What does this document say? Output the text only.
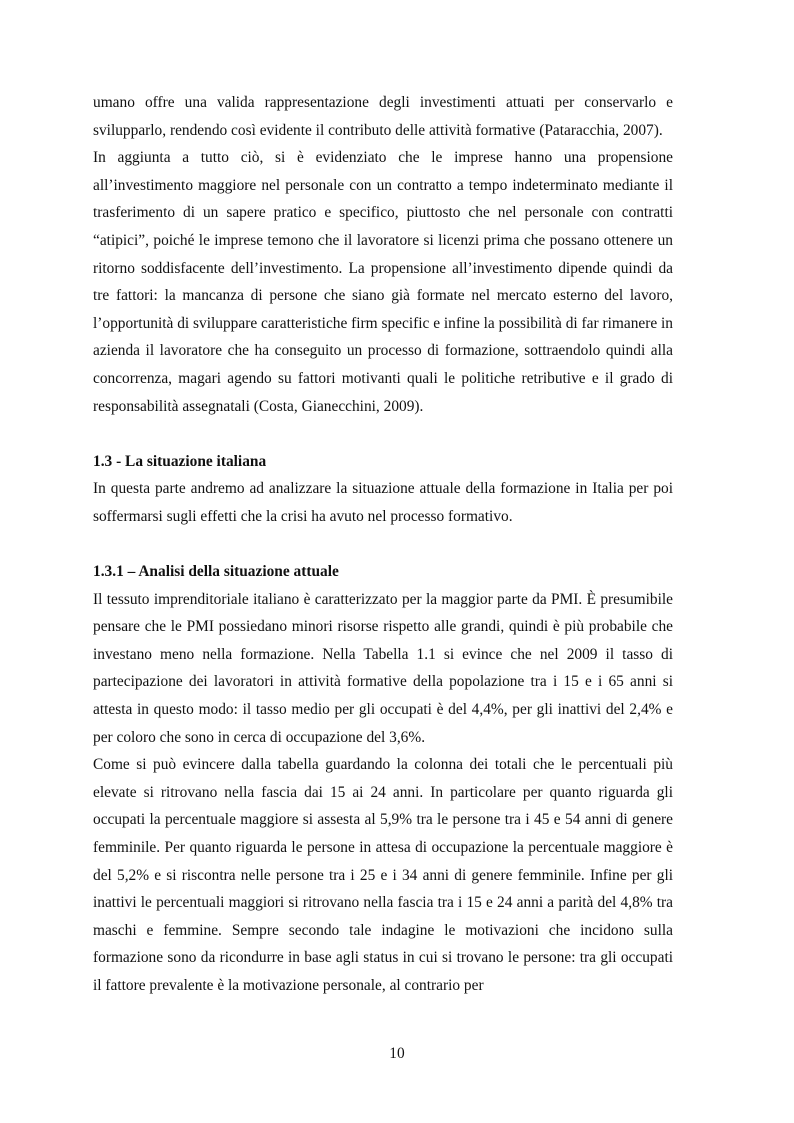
umano offre una valida rappresentazione degli investimenti attuati per conservarlo e svilupparlo, rendendo così evidente il contributo delle attività formative (Pataracchia, 2007).

In aggiunta a tutto ciò, si è evidenziato che le imprese hanno una propensione all’investimento maggiore nel personale con un contratto a tempo indeterminato mediante il trasferimento di un sapere pratico e specifico, piuttosto che nel personale con contratti “atipici”, poiché le imprese temono che il lavoratore si licenzi prima che possano ottenere un ritorno soddisfacente dell’investimento. La propensione all’investimento dipende quindi da tre fattori: la mancanza di persone che siano già formate nel mercato esterno del lavoro, l’opportunità di sviluppare caratteristiche firm specific e infine la possibilità di far rimanere in azienda il lavoratore che ha conseguito un processo di formazione, sottraendolo quindi alla concorrenza, magari agendo su fattori motivanti quali le politiche retributive e il grado di responsabilità assegnatali (Costa, Gianecchini, 2009).

1.3 - La situazione italiana

In questa parte andremo ad analizzare la situazione attuale della formazione in Italia per poi soffermarsi sugli effetti che la crisi ha avuto nel processo formativo.

1.3.1 – Analisi della situazione attuale

Il tessuto imprenditoriale italiano è caratterizzato per la maggior parte da PMI. È presumibile pensare che le PMI possiedano minori risorse rispetto alle grandi, quindi è più probabile che investano meno nella formazione. Nella Tabella 1.1 si evince che nel 2009 il tasso di partecipazione dei lavoratori in attività formative della popolazione tra i 15 e i 65 anni si attesta in questo modo: il tasso medio per gli occupati è del 4,4%, per gli inattivi del 2,4% e per coloro che sono in cerca di occupazione del 3,6%.

Come si può evincere dalla tabella guardando la colonna dei totali che le percentuali più elevate si ritrovano nella fascia dai 15 ai 24 anni. In particolare per quanto riguarda gli occupati la percentuale maggiore si assesta al 5,9% tra le persone tra i 45 e 54 anni di genere femminile. Per quanto riguarda le persone in attesa di occupazione la percentuale maggiore è del 5,2% e si riscontra nelle persone tra i 25 e i 34 anni di genere femminile. Infine per gli inattivi le percentuali maggiori si ritrovano nella fascia tra i 15 e 24 anni a parità del 4,8% tra maschi e femmine. Sempre secondo tale indagine le motivazioni che incidono sulla formazione sono da ricondurre in base agli status in cui si trovano le persone: tra gli occupati il fattore prevalente è la motivazione personale, al contrario per

10
